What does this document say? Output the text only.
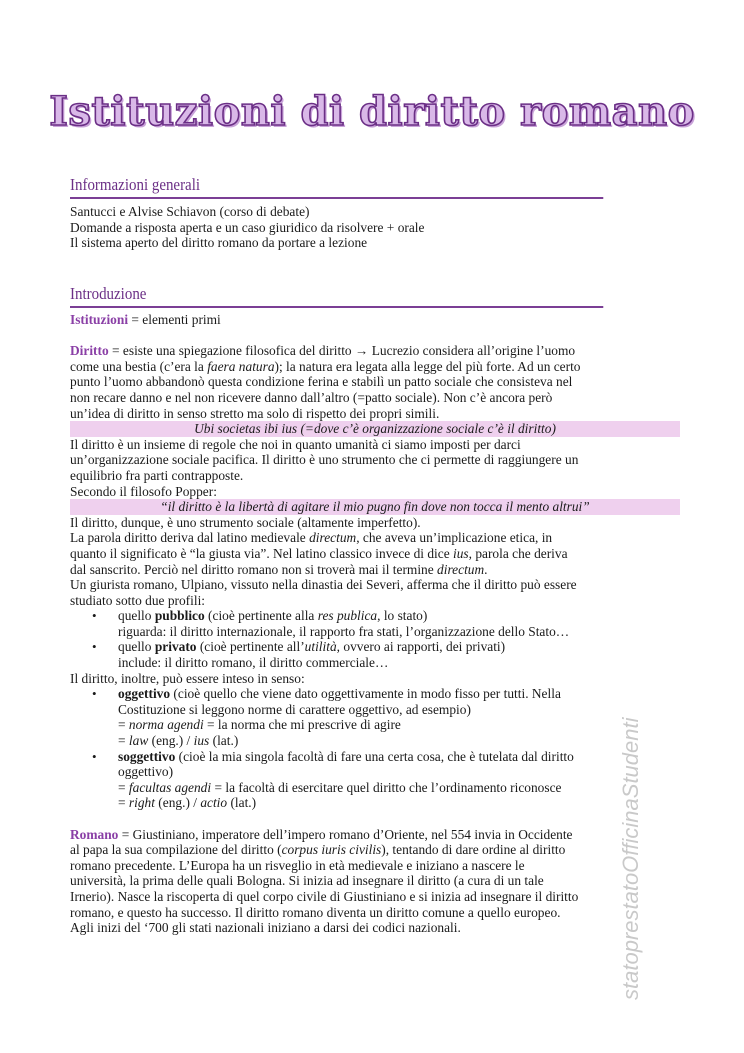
Istituzioni di diritto romano
Informazioni generali
Santucci e Alvise Schiavon (corso di debate)
Domande a risposta aperta e un caso giuridico da risolvere + orale
Il sistema aperto del diritto romano da portare a lezione
Introduzione
Istituzioni = elementi primi
Diritto = esiste una spiegazione filosofica del diritto → Lucrezio considera all’origine l’uomo
come una bestia (c’era la faera natura); la natura era legata alla legge del più forte. Ad un certo
punto l’uomo abbandonò questa condizione ferina e stabilì un patto sociale che consisteva nel
non recare danno e nel non ricevere danno dall’altro (=patto sociale). Non c’è ancora però
un’idea di diritto in senso stretto ma solo di rispetto dei propri simili.
Ubi societas ibi ius (=dove c’è organizzazione sociale c’è il diritto)
Il diritto è un insieme di regole che noi in quanto umanità ci siamo imposti per darci
un’organizzazione sociale pacifica. Il diritto è uno strumento che ci permette di raggiungere un
equilibrio fra parti contrapposte.
Secondo il filosofo Popper:
“il diritto è la libertà di agitare il mio pugno fin dove non tocca il mento altrui”
Il diritto, dunque, è uno strumento sociale (altamente imperfetto).
La parola diritto deriva dal latino medievale directum, che aveva un’implicazione etica, in
quanto il significato è “la giusta via”. Nel latino classico invece di dice ius, parola che deriva
dal sanscrito. Perciò nel diritto romano non si troverà mai il termine directum.
Un giurista romano, Ulpiano, vissuto nella dinastia dei Severi, afferma che il diritto può essere
studiato sotto due profili:
• quello pubblico (cioè pertinente alla res publica, lo stato)
riguarda: il diritto internazionale, il rapporto fra stati, l’organizzazione dello Stato…
• quello privato (cioè pertinente all’utilità, ovvero ai rapporti, dei privati)
include: il diritto romano, il diritto commerciale…
Il diritto, inoltre, può essere inteso in senso:
• oggettivo (cioè quello che viene dato oggettivamente in modo fisso per tutti. Nella
Costituzione si leggono norme di carattere oggettivo, ad esempio)
= norma agendi = la norma che mi prescrive di agire
= law (eng.) / ius (lat.)
• soggettivo (cioè la mia singola facoltà di fare una certa cosa, che è tutelata dal diritto
oggettivo)
= facultas agendi = la facoltà di esercitare quel diritto che l’ordinamento riconosce
= right (eng.) / actio (lat.)
Romano = Giustiniano, imperatore dell’impero romano d’Oriente, nel 554 invia in Occidente
al papa la sua compilazione del diritto (corpus iuris civilis), tentando di dare ordine al diritto
romano precedente. L’Europa ha un risveglio in età medievale e iniziano a nascere le
università, la prima delle quali Bologna. Si inizia ad insegnare il diritto (a cura di un tale
Irnerio). Nasce la riscoperta di quel corpo civile di Giustiniano e si inizia ad insegnare il diritto
romano, e questo ha successo. Il diritto romano diventa un diritto comune a quello europeo.
Agli inizi del ‘700 gli stati nazionali iniziano a darsi dei codici nazionali.	statoprestatoOfficinaStudenti
